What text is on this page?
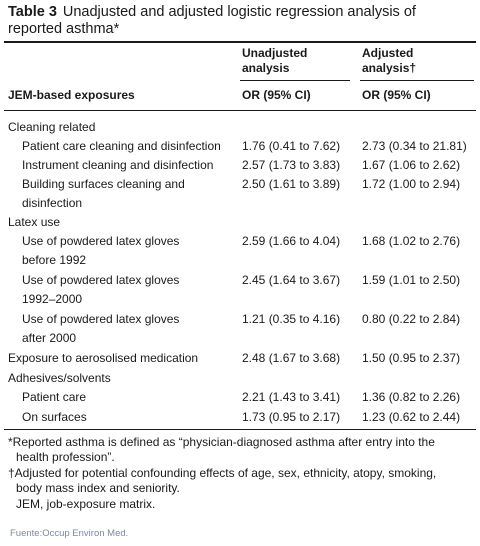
Table 3 Unadjusted and adjusted logistic regression analysis of
reported asthma*
Unadjusted
analysis
Adjusted
analysis†
JEM-based exposures	OR (95% CI)	OR (95% CI)
Cleaning related
Patient care cleaning and disinfection 1.76 (0.41 to 7.62) 2.73 (0.34 to 21.81)
Instrument cleaning and disinfection 2.57 (1.73 to 3.83) 1.67 (1.06 to 2.62)
Building surfaces cleaning and
disinfection
2.50 (1.61 to 3.89) 1.72 (1.00 to 2.94)
Latex use
Use of powdered latex gloves
before 1992
2.59 (1.66 to 4.04) 1.68 (1.02 to 2.76)
Use of powdered latex gloves
1992–2000
2.45 (1.64 to 3.67) 1.59 (1.01 to 2.50)
Use of powdered latex gloves
after 2000
1.21 (0.35 to 4.16) 0.80 (0.22 to 2.84)
Exposure to aerosolised medication	2.48 (1.67 to 3.68) 1.50 (0.95 to 2.37)
Adhesives/solvents
Patient care	2.21 (1.43 to 3.41) 1.36 (0.82 to 2.26)
On surfaces	1.73 (0.95 to 2.17) 1.23 (0.62 to 2.44)
*Reported asthma is defined as “physician-diagnosed asthma after entry into the
health profession”.
†Adjusted for potential confounding effects of age, sex, ethnicity, atopy, smoking,
body mass index and seniority.
JEM, job-exposure matrix.
Fuente:Occup Environ Med.
